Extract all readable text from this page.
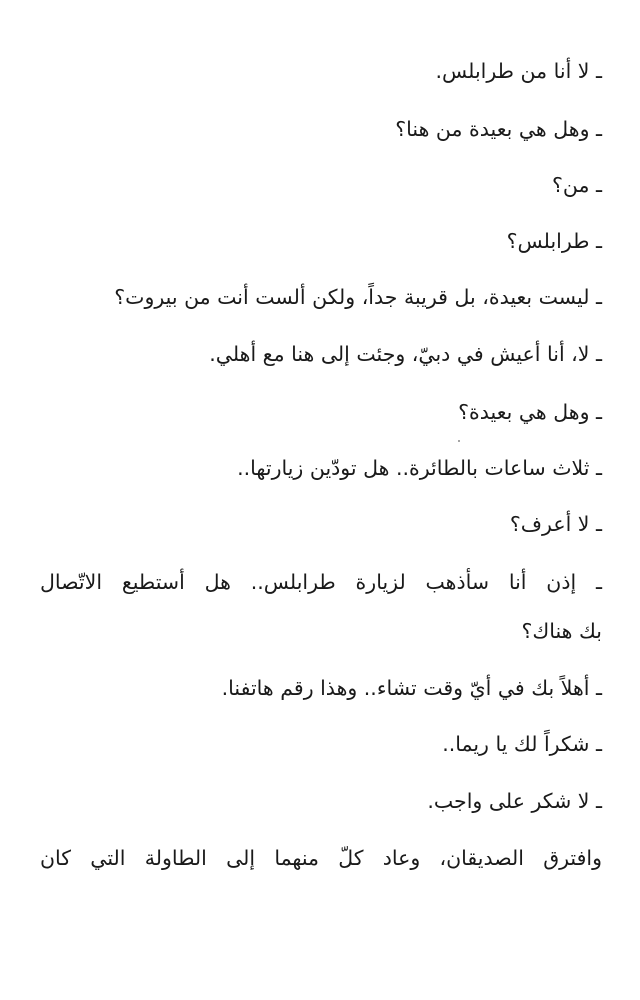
ـ لا أنا من طرابلس.
ـ وهل هي بعيدة من هنا؟
ـ من؟
ـ طرابلس؟
ـ ليست بعيدة، بل قريبة جداً، ولكن ألست أنت من بيروت؟
ـ لا، أنا أعيش في دبيّ، وجئت إلى هنا مع أهلي.
ـ وهل هي بعيدة؟
ـ ثلاث ساعات بالطائرة.. هل تودّين زيارتها..
ـ لا أعرف؟
ـ إذن أنا سأذهب لزيارة طرابلس.. هل أستطيع الاتّصال
بك هناك؟
ـ أهلاً بك في أيّ وقت تشاء.. وهذا رقم هاتفنا.
ـ شكراً لك يا ريما..
ـ لا شكر على واجب.
وافترق الصديقان، وعاد كلّ منهما إلى الطاولة التي كان
